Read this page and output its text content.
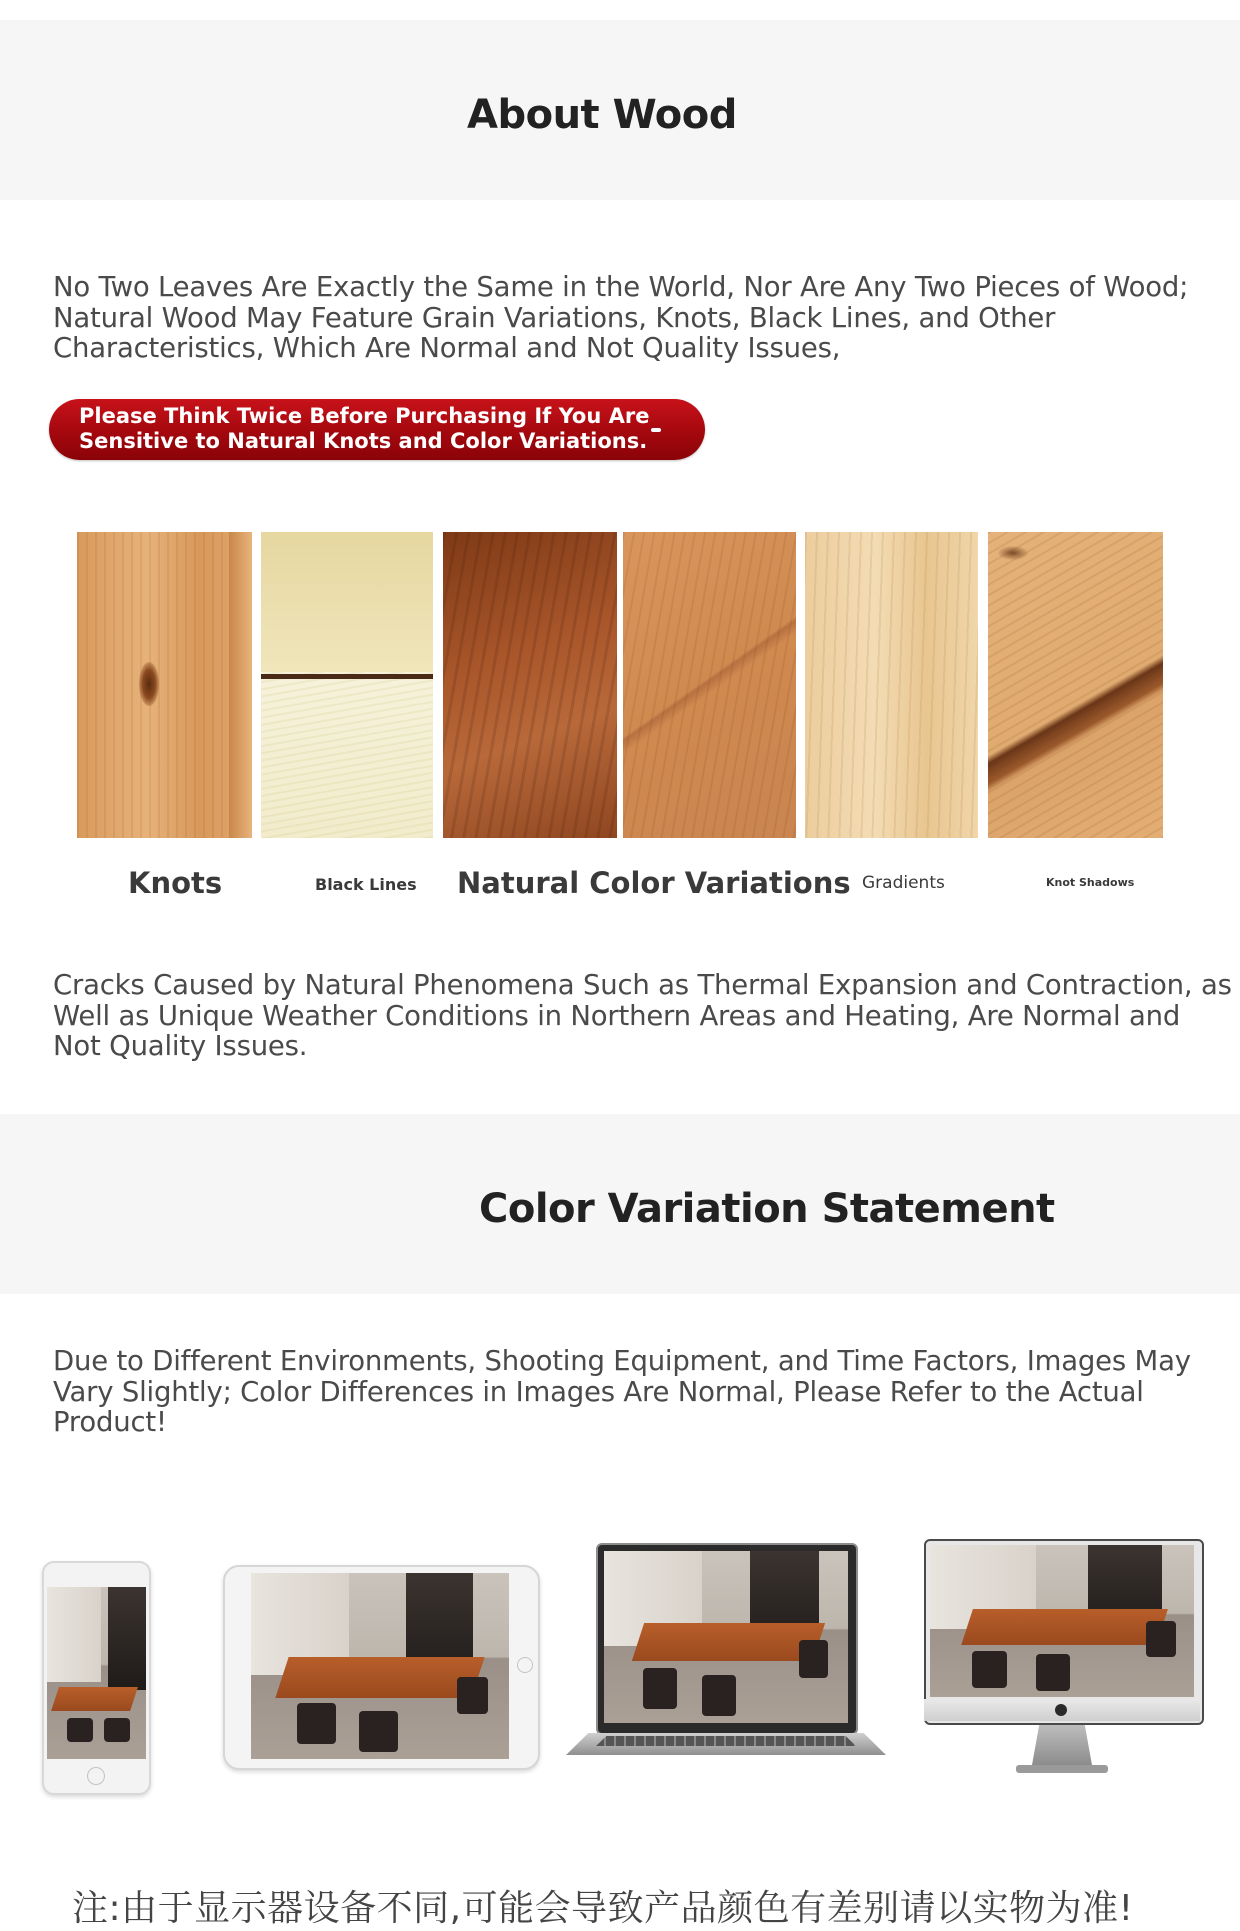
About Wood
No Two Leaves Are Exactly the Same in the World, Nor Are Any Two Pieces of Wood; Natural Wood May Feature Grain Variations, Knots, Black Lines, and Other Characteristics, Which Are Normal and Not Quality Issues,
Please Think Twice Before Purchasing If You Are
Sensitive to Natural Knots and Color Variations.
Knots	Black Lines Natural Color Variations Gradients	Knot Shadows
Cracks Caused by Natural Phenomena Such as Thermal Expansion and Contraction, as Well as Unique Weather Conditions in Northern Areas and Heating, Are Normal and Not Quality Issues.
Color Variation Statement
Due to Different Environments, Shooting Equipment, and Time Factors, Images May Vary Slightly; Color Differences in Images Are Normal, Please Refer to the Actual Product!
注:由于显示器设备不同,可能会导致产品颜色有差别请以实物为准!
